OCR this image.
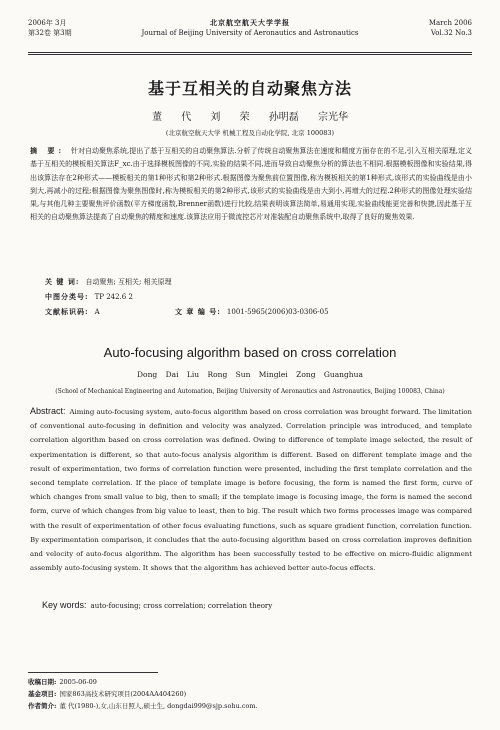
2006年 3月
第32卷 第3期
北京航空航天大学学报
Journal of Beijing University of Aeronautics and Astronautics
March 2006
Vol.32 No.3
基于互相关的自动聚焦方法
董 代 刘 荣 孙明磊 宗光华
(北京航空航天大学 机械工程及自动化学院, 北京 100083)
摘 要: 针对自动聚焦系统,提出了基于互相关的自动聚焦算法.分析了传统自动聚焦算法在速度和精度方面存在的不足,引入互相关原理,定义基于互相关的模板相关算法F_xc.由于选择模板图像的不同,实验的结果不同,进而导致自动聚焦分析的算法也不相同.根据模板图像和实验结果,得出该算法存在2种形式——模板相关的第1种形式和第2种形式.根据图像为聚焦前位置图像,称为模板相关的第1种形式,该形式的实验曲线是由小到大,再减小的过程;根据图像为聚焦图像时,称为模板相关的第2种形式,该形式的实验曲线是由大到小,再增大的过程.2种形式的图像处理实验结果,与其他几种主要聚焦评价函数(平方梯度函数,Brenner函数)进行比较,结果表明该算法简单,易通用实现,实验曲线能更完善和快捷,因此基于互相关的自动聚焦算法提高了自动聚焦的精度和速度.该算法应用于微流控芯片对准装配自动聚焦系统中,取得了良好的聚焦效果.
关 键 词: 自动聚焦; 互相关; 相关原理
中图分类号: TP 242.6 2
文献标识码: A	文 章 编 号: 1001-5965(2006)03-0306-05
Auto-focusing algorithm based on cross correlation
Dong Dai Liu Rong Sun Minglei Zong Guanghua
(School of Mechanical Engineering and Automation, Beijing University of Aeronautics and Astronautics, Beijing 100083, China)
Abstract: Aiming auto-focusing system, auto-focus algorithm based on cross correlation was brought forward. The limitation of conventional auto-focusing in definition and velocity was analyzed. Correlation principle was introduced, and template correlation algorithm based on cross correlation was defined. Owing to difference of template image selected, the result of experimentation is different, so that auto-focus analysis algorithm is different. Based on different template image and the result of experimentation, two forms of correlation function were presented, including the first template correlation and the second template correlation. If the place of template image is before focusing, the form is named the first form, curve of which changes from small value to big, then to small; if the template image is focusing image, the form is named the second form, curve of which changes from big value to least, then to big. The result which two forms processes image was compared with the result of experimentation of other focus evaluating functions, such as square gradient function, correlation function. By experimentation comparison, it concludes that the auto-focusing algorithm based on cross correlation improves definition and velocity of auto-focus algorithm. The algorithm has been successfully tested to be effective on micro-fluidic alignment assembly auto-focusing system. It shows that the algorithm has achieved better auto-focus effects.
Key words: auto-focusing; cross correlation; correlation theory
收稿日期: 2005-06-09
基金项目: 国家863高技术研究项目(2004AA404260)
作者简介: 董 代(1980-),女,山东日照人,硕士生, dongdai999@sjp.sohu.com.
